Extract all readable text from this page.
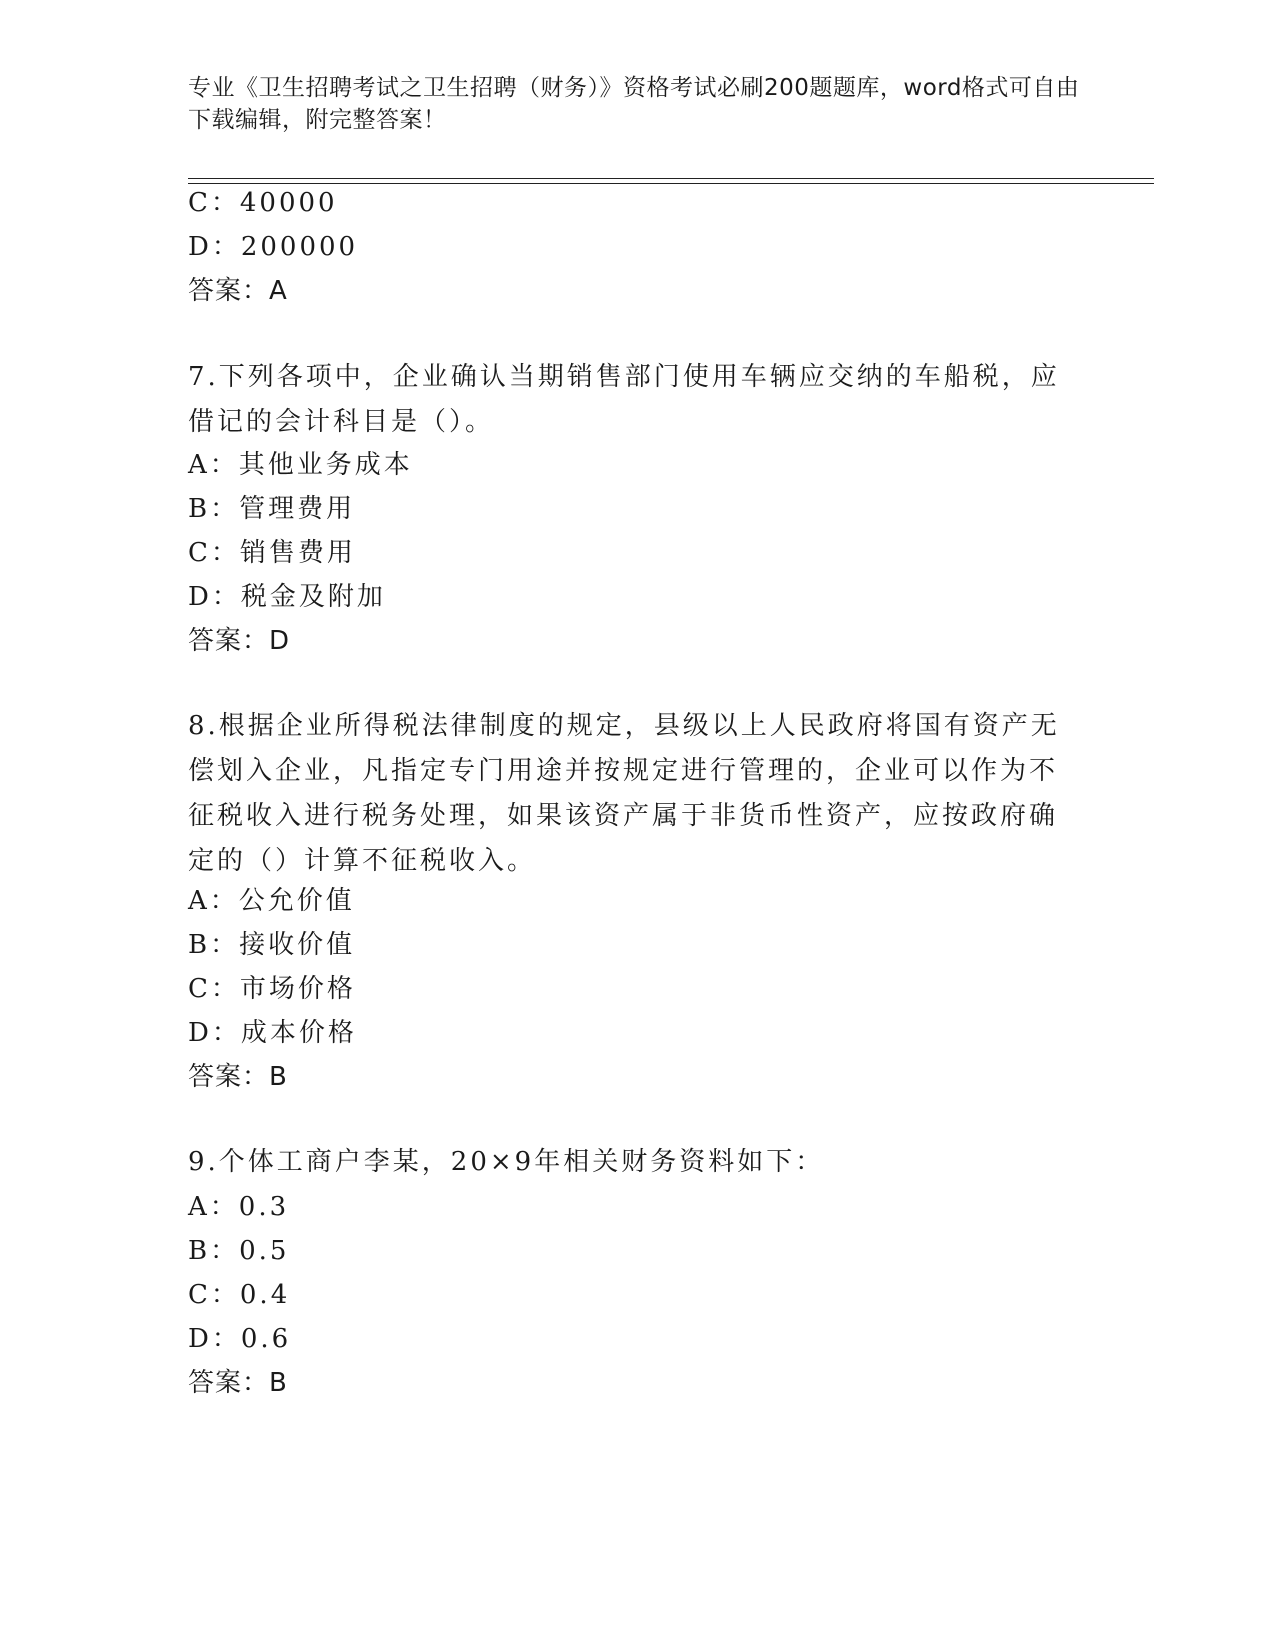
专业《卫生招聘考试之卫生招聘（财务）》资格考试必刷200题题库，word格式可自由下载编辑，附完整答案！
C：40000
D：200000
答案：A
7.下列各项中，企业确认当期销售部门使用车辆应交纳的车船税，应借记的会计科目是（）。
A：其他业务成本
B：管理费用
C：销售费用
D：税金及附加
答案：D
8.根据企业所得税法律制度的规定，县级以上人民政府将国有资产无偿划入企业，凡指定专门用途并按规定进行管理的，企业可以作为不征税收入进行税务处理，如果该资产属于非货币性资产，应按政府确定的（）计算不征税收入。
A：公允价值
B：接收价值
C：市场价格
D：成本价格
答案：B
9.个体工商户李某，20×9年相关财务资料如下：
A：0.3
B：0.5
C：0.4
D：0.6
答案：B
